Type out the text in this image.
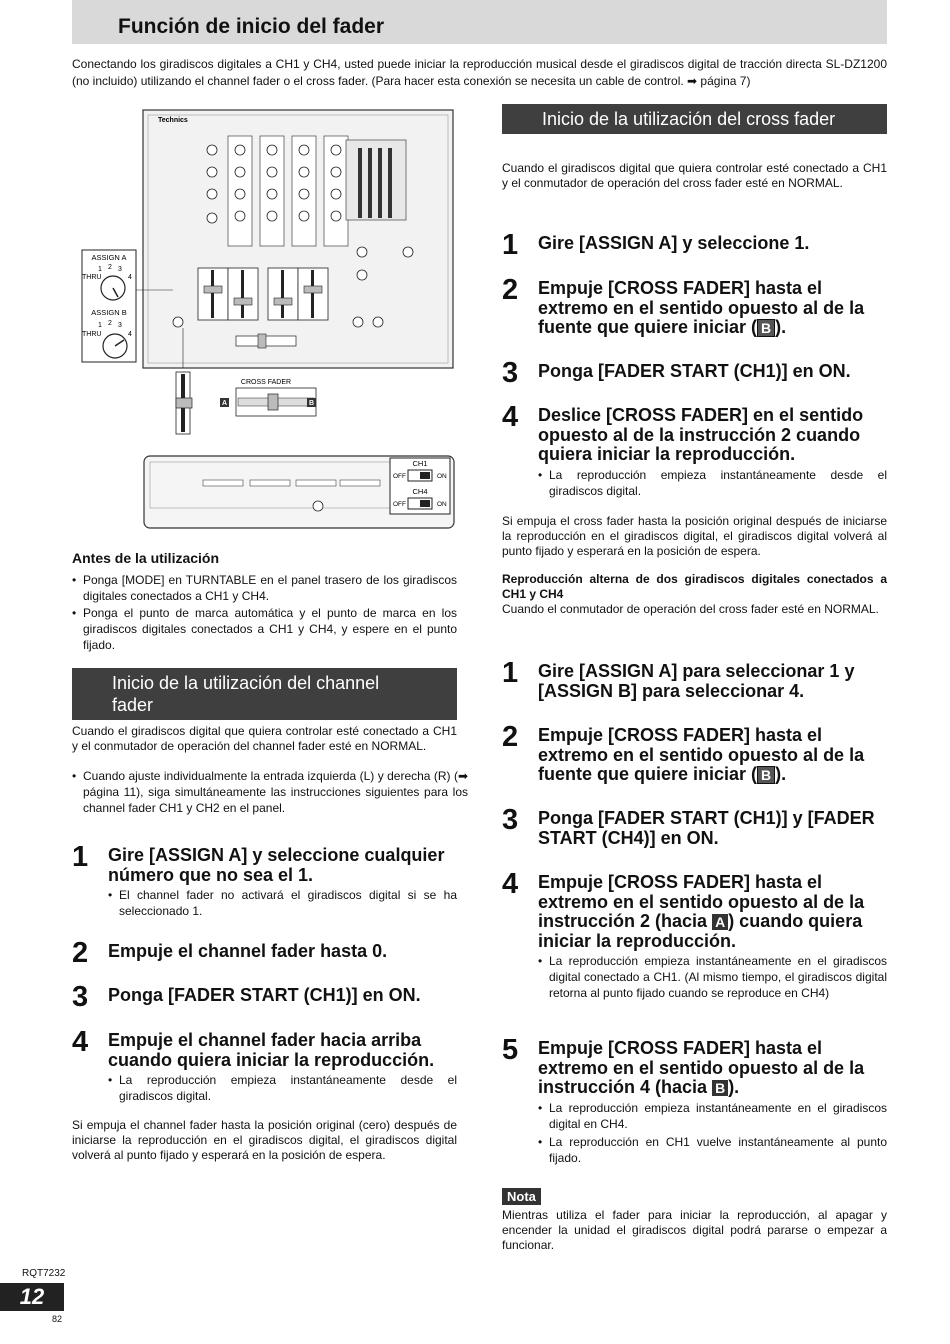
Función de inicio del fader
Conectando los giradiscos digitales a CH1 y CH4, usted puede iniciar la reproducción musical desde el giradiscos digital de tracción directa SL-DZ1200 (no incluido) utilizando el channel fader o el cross fader. (Para hacer esta conexión se necesita un cable de control. ➡ página 7)
Technics
ASSIGN A
1 2 3
4
THRU
ASSIGN B
1 2 3
4
THRU
CROSS FADER
A	B
CH1
OFF	ON
CH4
OFF	ON
Antes de la utilización
• Ponga [MODE] en TURNTABLE en el panel trasero de los giradiscos digitales conectados a CH1 y CH4.
• Ponga el punto de marca automática y el punto de marca en los giradiscos digitales conectados a CH1 y CH4, y espere en el punto fijado.
Inicio de la utilización del channel fader
Cuando el giradiscos digital que quiera controlar esté conectado a CH1 y el conmutador de operación del channel fader esté en NORMAL.
• Cuando ajuste individualmente la entrada izquierda (L) y derecha (R) (➡ página 11), siga simultáneamente las instrucciones siguientes para los channel fader CH1 y CH2 en el panel.
1 Gire [ASSIGN A] y seleccione cualquier número que no sea el 1.
• El channel fader no activará el giradiscos digital si se ha seleccionado 1.
2 Empuje el channel fader hasta 0.
3 Ponga [FADER START (CH1)] en ON.
4 Empuje el channel fader hacia arriba cuando quiera iniciar la reproducción.
• La reproducción empieza instantáneamente desde el giradiscos digital.
Si empuja el channel fader hasta la posición original (cero) después de iniciarse la reproducción en el giradiscos digital, el giradiscos digital volverá al punto fijado y esperará en la posición de espera.
Inicio de la utilización del cross fader
Cuando el giradiscos digital que quiera controlar esté conectado a CH1 y el conmutador de operación del cross fader esté en NORMAL.
1 Gire [ASSIGN A] y seleccione 1.
2 Empuje [CROSS FADER] hasta el extremo en el sentido opuesto al de la fuente que quiere iniciar ( B ).
3 Ponga [FADER START (CH1)] en ON.
4 Deslice [CROSS FADER] en el sentido opuesto al de la instrucción 2 cuando quiera iniciar la reproducción.
• La reproducción empieza instantáneamente desde el giradiscos digital.
Si empuja el cross fader hasta la posición original después de iniciarse la reproducción en el giradiscos digital, el giradiscos digital volverá al punto fijado y esperará en la posición de espera.
Reproducción alterna de dos giradiscos digitales conectados a CH1 y CH4
Cuando el conmutador de operación del cross fader esté en NORMAL.
1 Gire [ASSIGN A] para seleccionar 1 y [ASSIGN B] para seleccionar 4.
2 Empuje [CROSS FADER] hasta el extremo en el sentido opuesto al de la fuente que quiere iniciar ( B ).
3 Ponga [FADER START (CH1)] y [FADER START (CH4)] en ON.
4 Empuje [CROSS FADER] hasta el extremo en el sentido opuesto al de la instrucción 2 (hacia A ) cuando quiera iniciar la reproducción.
• La reproducción empieza instantáneamente en el giradiscos digital conectado a CH1. (Al mismo tiempo, el giradiscos digital retorna al punto fijado cuando se reproduce en CH4)
5 Empuje [CROSS FADER] hasta el extremo en el sentido opuesto al de la instrucción 4 (hacia B ).
• La reproducción empieza instantáneamente en el giradiscos digital en CH4.
• La reproducción en CH1 vuelve instantáneamente al punto fijado.
Nota
Mientras utiliza el fader para iniciar la reproducción, al apagar y encender la unidad el giradiscos digital podrá pararse o empezar a funcionar.
RQT7232
12
82
